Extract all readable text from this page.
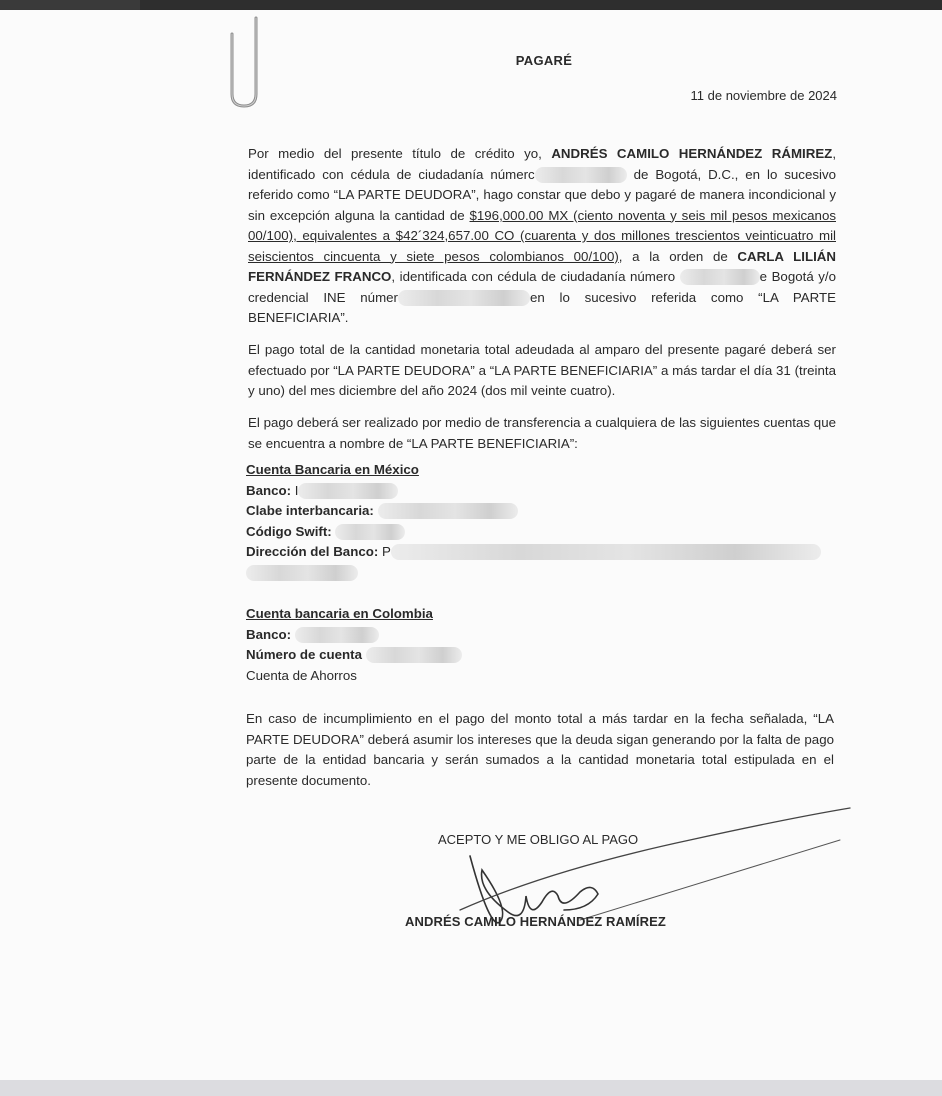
PAGARÉ
11 de noviembre de 2024
Por medio del presente título de crédito yo, ANDRÉS CAMILO HERNÁNDEZ RÁMIREZ, identificado con cédula de ciudadanía númerc	de Bogotá, D.C., en lo sucesivo referido como “LA PARTE DEUDORA”, hago constar que debo y pagaré de manera incondicional y sin excepción alguna la cantidad de $196,000.00 MX (ciento noventa y seis mil pesos mexicanos 00/100), equivalentes a $42´324,657.00 CO (cuarenta y dos millones trescientos veinticuatro mil seiscientos cincuenta y siete pesos colombianos 00/100), a la orden de CARLA LILIÁN FERNÁNDEZ FRANCO, identificada con cédula de ciudadanía número	e Bogotá y/o credencial INE númer	en lo sucesivo referida como “LA PARTE BENEFICIARIA”.
El pago total de la cantidad monetaria total adeudada al amparo del presente pagaré deberá ser efectuado por “LA PARTE DEUDORA” a “LA PARTE BENEFICIARIA” a más tardar el día 31 (treinta y uno) del mes diciembre del año 2024 (dos mil veinte cuatro).
El pago deberá ser realizado por medio de transferencia a cualquiera de las siguientes cuentas que se encuentra a nombre de “LA PARTE BENEFICIARIA”:
Cuenta Bancaria en México
Banco: I
Clabe interbancaria:
Código Swift:
Dirección del Banco: P
Cuenta bancaria en Colombia
Banco:
Número de cuenta
Cuenta de Ahorros
En caso de incumplimiento en el pago del monto total a más tardar en la fecha señalada, “LA PARTE DEUDORA” deberá asumir los intereses que la deuda sigan generando por la falta de pago parte de la entidad bancaria y serán sumados a la cantidad monetaria total estipulada en el presente documento.
ACEPTO Y ME OBLIGO AL PAGO
ANDRÉS CAMILO HERNÁNDEZ RAMÍREZ
